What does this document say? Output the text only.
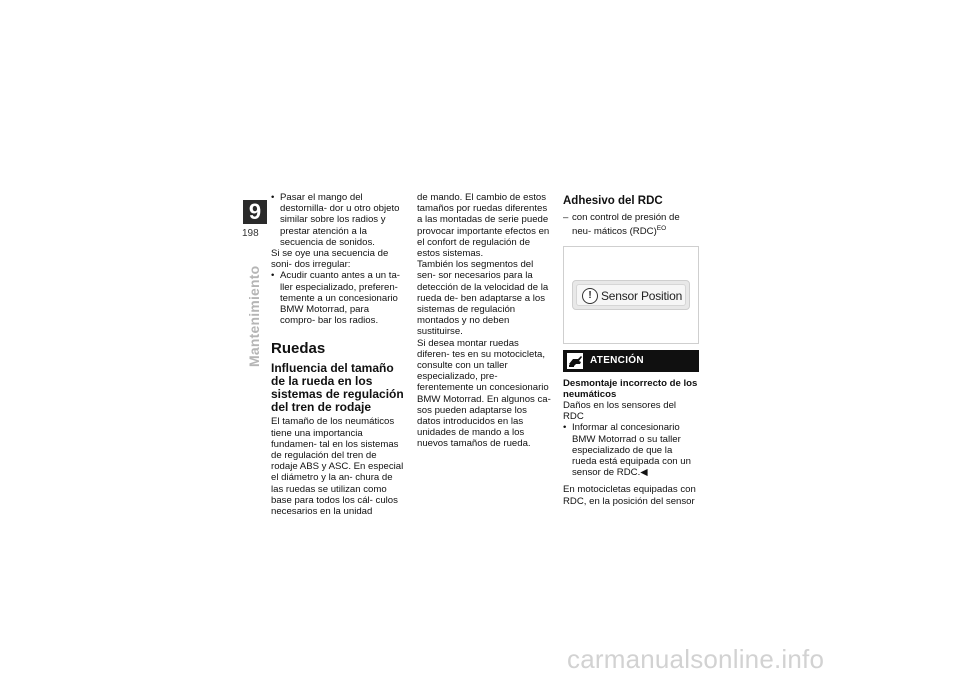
9
198
Mantenimiento

• Pasar el mango del destornilla- dor u otro objeto similar sobre los radios y prestar atención a la secuencia de sonidos.

Si se oye una secuencia de soni- dos irregular:

• Acudir cuanto antes a un ta- ller especializado, preferen- temente a un concesionario BMW Motorrad, para compro- bar los radios.

Ruedas
Influencia del tamaño de la rueda en los sistemas de regulación del tren de rodaje

El tamaño de los neumáticos tiene una importancia fundamen- tal en los sistemas de regulación del tren de rodaje ABS y ASC. En especial el diámetro y la an- chura de las ruedas se utilizan como base para todos los cál- culos necesarios en la unidad

de mando. El cambio de estos tamaños por ruedas diferentes a las montadas de serie puede provocar importante efectos en el confort de regulación de estos sistemas.

También los segmentos del sen- sor necesarios para la detección de la velocidad de la rueda de- ben adaptarse a los sistemas de regulación montados y no deben sustituirse.

Si desea montar ruedas diferen- tes en su motocicleta, consulte con un taller especializado, pre- ferentemente un concesionario BMW Motorrad. En algunos ca- sos pueden adaptarse los datos introducidos en las unidades de mando a los nuevos tamaños de rueda.

Adhesivo del RDC

– con control de presión de neu- máticos (RDC)$^{EO}$

! Sensor Position
ATENCIÓN

Desmontaje incorrecto de los neumáticos

Daños en los sensores del RDC

• Informar al concesionario BMW Motorrad o su taller especializado de que la rueda está equipada con un sensor de RDC.◀

En motocicletas equipadas con RDC, en la posición del sensor

carmanualsonline.info
